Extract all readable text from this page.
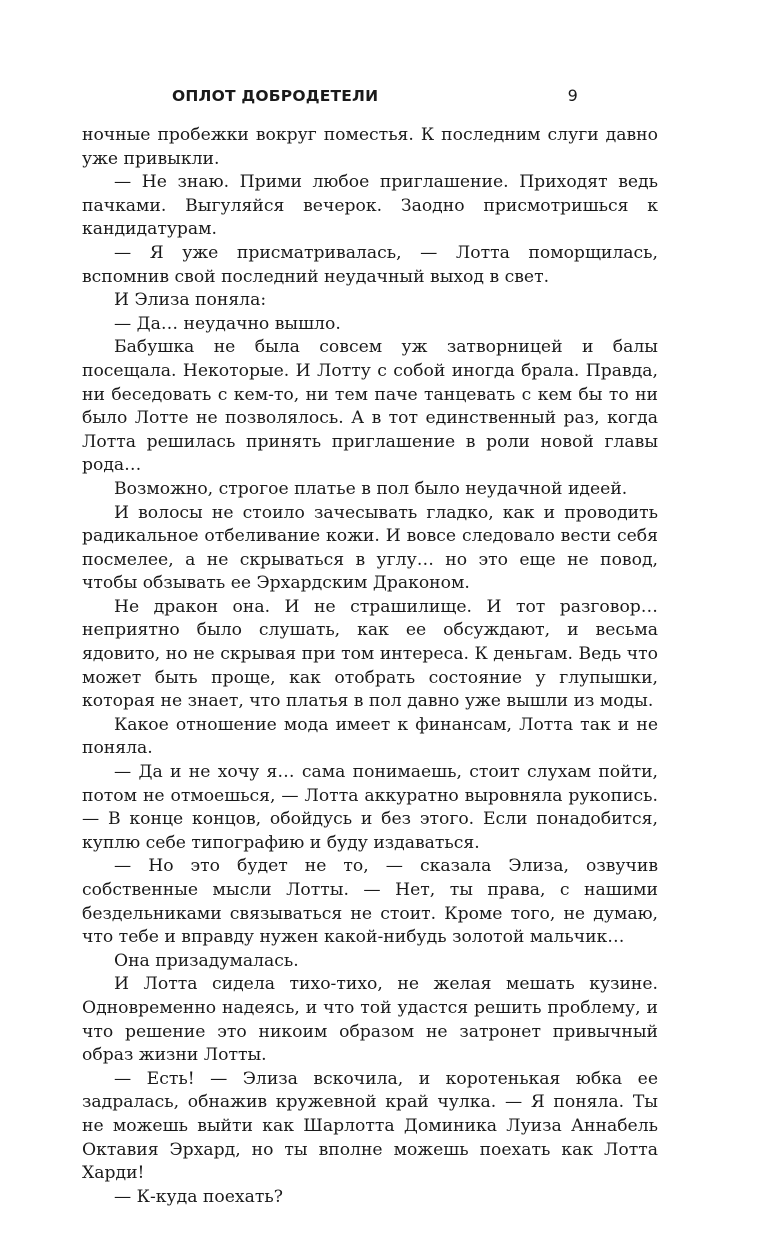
ОПЛОТ ДОБРОДЕТЕЛИ	9

ночные пробежки вокруг поместья. К последним слуги давно уже привыкли.

— Не знаю. Прими любое приглашение. Приходят ведь пачками. Выгуляйся вечерок. Заодно присмотришься к кандидатурам.

— Я уже присматривалась, — Лотта поморщилась, вспомнив свой последний неудачный выход в свет.

И Элиза поняла:

— Да… неудачно вышло.

Бабушка не была совсем уж затворницей и балы посещала. Некоторые. И Лотту с собой иногда брала. Правда, ни беседовать с кем-то, ни тем паче танцевать с кем бы то ни было Лотте не позволялось. А в тот единственный раз, когда Лотта решилась принять приглашение в роли новой главы рода…

Возможно, строгое платье в пол было неудачной идеей.

И волосы не стоило зачесывать гладко, как и проводить радикальное отбеливание кожи. И вовсе следовало вести себя посмелее, а не скрываться в углу… но это еще не повод, чтобы обзывать ее Эрхардским Драконом.

Не дракон она. И не страшилище. И тот разговор… неприятно было слушать, как ее обсуждают, и весьма ядовито, но не скрывая при том интереса. К деньгам. Ведь что может быть проще, как отобрать состояние у глупышки, которая не знает, что платья в пол давно уже вышли из моды.

Какое отношение мода имеет к финансам, Лотта так и не поняла.

— Да и не хочу я… сама понимаешь, стоит слухам пойти, потом не отмоешься, — Лотта аккуратно выровняла рукопись. — В конце концов, обойдусь и без этого. Если понадобится, куплю себе типографию и буду издаваться.

— Но это будет не то, — сказала Элиза, озвучив собственные мысли Лотты. — Нет, ты права, с нашими бездельниками связываться не стоит. Кроме того, не думаю, что тебе и вправду нужен какой-нибудь золотой мальчик…

Она призадумалась.

И Лотта сидела тихо-тихо, не желая мешать кузине. Одновременно надеясь, и что той удастся решить проблему, и что решение это никоим образом не затронет привычный образ жизни Лотты.

— Есть! — Элиза вскочила, и коротенькая юбка ее задралась, обнажив кружевной край чулка. — Я поняла. Ты не можешь выйти как Шарлотта Доминика Луиза Аннабель Октавия Эрхард, но ты вполне можешь поехать как Лотта Харди!

— К-куда поехать?
